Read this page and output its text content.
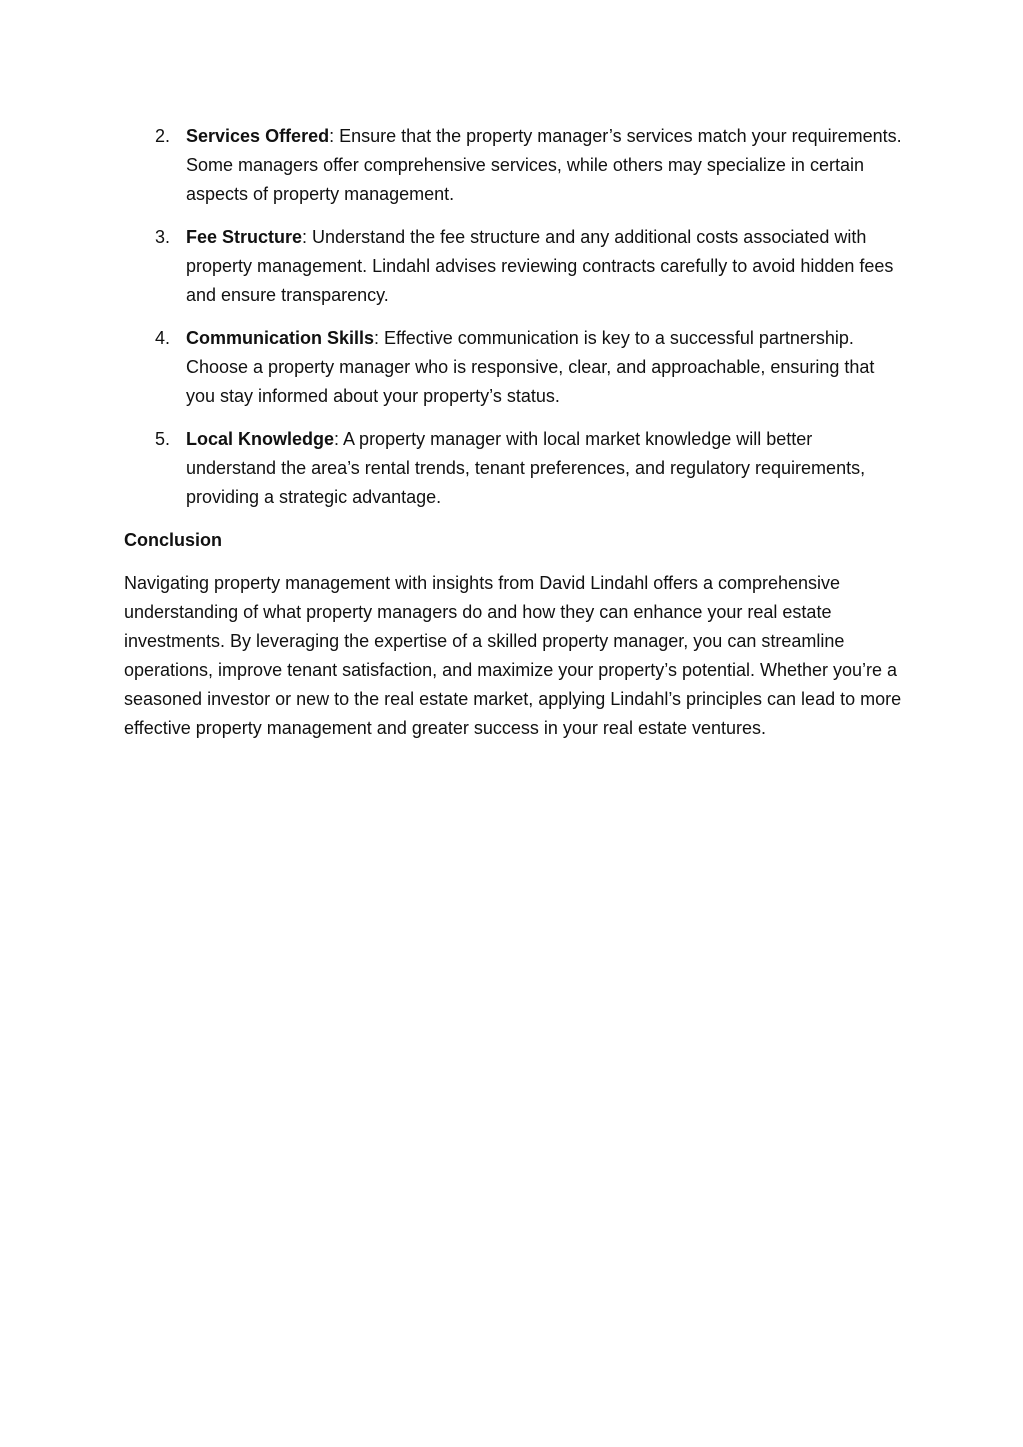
2. Services Offered: Ensure that the property manager’s services match your requirements. Some managers offer comprehensive services, while others may specialize in certain aspects of property management.
3. Fee Structure: Understand the fee structure and any additional costs associated with property management. Lindahl advises reviewing contracts carefully to avoid hidden fees and ensure transparency.
4. Communication Skills: Effective communication is key to a successful partnership. Choose a property manager who is responsive, clear, and approachable, ensuring that you stay informed about your property’s status.
5. Local Knowledge: A property manager with local market knowledge will better understand the area’s rental trends, tenant preferences, and regulatory requirements, providing a strategic advantage.
Conclusion

Navigating property management with insights from David Lindahl offers a comprehensive understanding of what property managers do and how they can enhance your real estate investments. By leveraging the expertise of a skilled property manager, you can streamline operations, improve tenant satisfaction, and maximize your property’s potential. Whether you’re a seasoned investor or new to the real estate market, applying Lindahl’s principles can lead to more effective property management and greater success in your real estate ventures.
